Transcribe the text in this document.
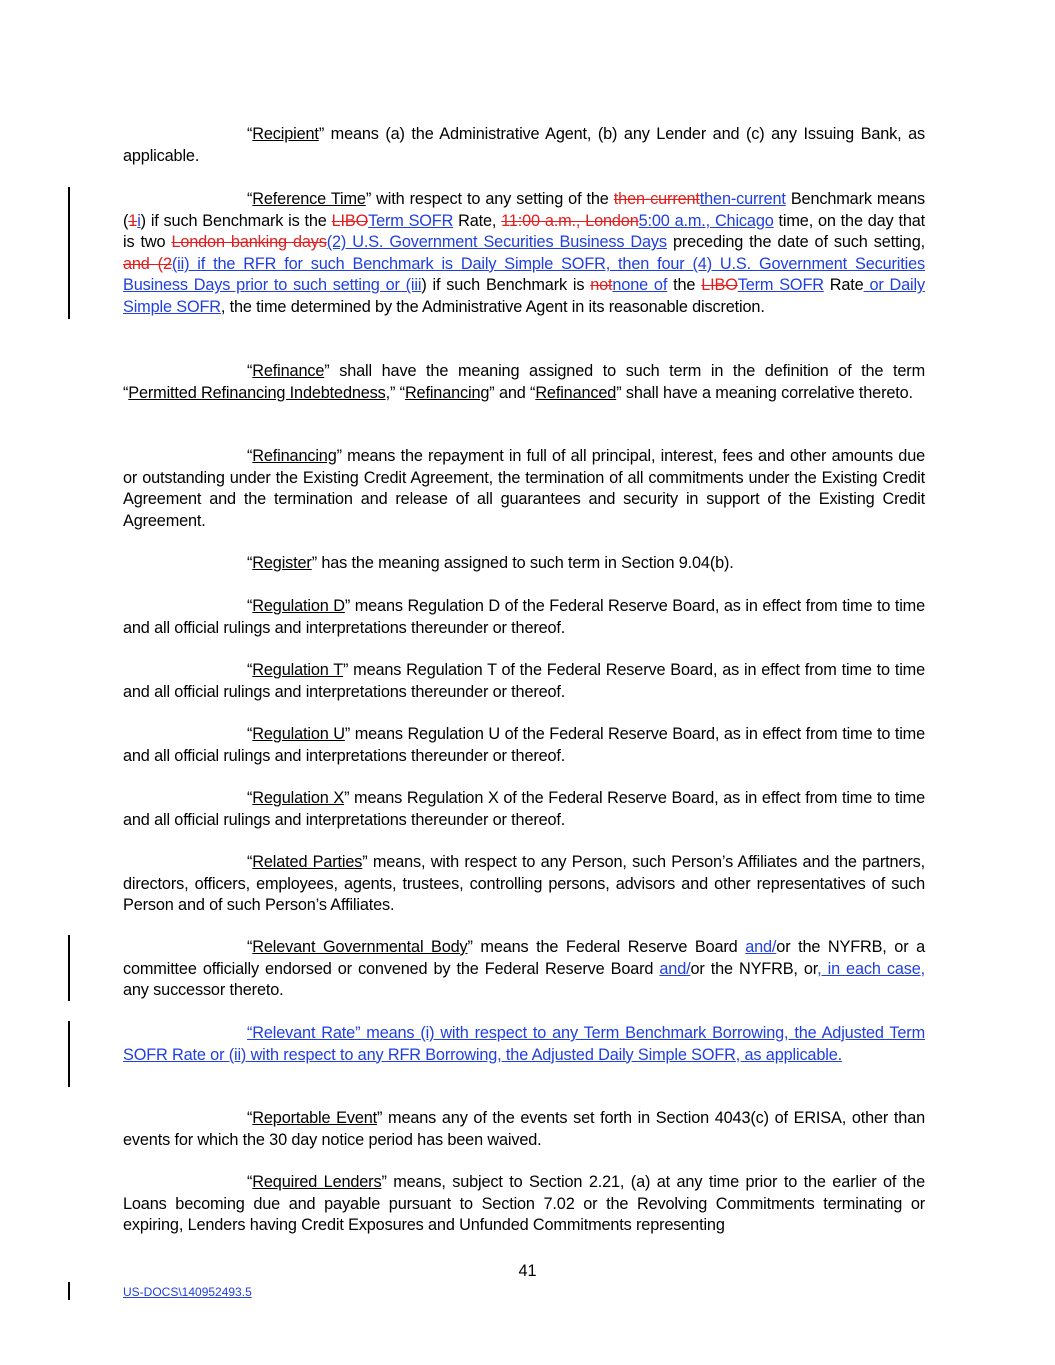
“Recipient” means (a) the Administrative Agent, (b) any Lender and (c) any Issuing Bank, as applicable.

“Reference Time” with respect to any setting of the then-currentthen-current Benchmark means (1i) if such Benchmark is the LIBOTerm SOFR Rate, 11:00 a.m., London5:00 a.m., Chicago time, on the day that is two London banking days(2) U.S. Government Securities Business Days preceding the date of such setting, and (2(ii) if the RFR for such Benchmark is Daily Simple SOFR, then four (4) U.S. Government Securities Business Days prior to such setting or (iii) if such Benchmark is notnone of the LIBOTerm SOFR Rate or Daily Simple SOFR, the time determined by the Administrative Agent in its reasonable discretion.

“Refinance” shall have the meaning assigned to such term in the definition of the term “Permitted Refinancing Indebtedness,” “Refinancing” and “Refinanced” shall have a meaning correlative thereto.

“Refinancing” means the repayment in full of all principal, interest, fees and other amounts due or outstanding under the Existing Credit Agreement, the termination of all commitments under the Existing Credit Agreement and the termination and release of all guarantees and security in support of the Existing Credit Agreement.

“Register” has the meaning assigned to such term in Section 9.04(b).

“Regulation D” means Regulation D of the Federal Reserve Board, as in effect from time to time and all official rulings and interpretations thereunder or thereof.

“Regulation T” means Regulation T of the Federal Reserve Board, as in effect from time to time and all official rulings and interpretations thereunder or thereof.

“Regulation U” means Regulation U of the Federal Reserve Board, as in effect from time to time and all official rulings and interpretations thereunder or thereof.

“Regulation X” means Regulation X of the Federal Reserve Board, as in effect from time to time and all official rulings and interpretations thereunder or thereof.

“Related Parties” means, with respect to any Person, such Person’s Affiliates and the partners, directors, officers, employees, agents, trustees, controlling persons, advisors and other representatives of such Person and of such Person’s Affiliates.

“Relevant Governmental Body” means the Federal Reserve Board and/or the NYFRB, or a committee officially endorsed or convened by the Federal Reserve Board and/or the NYFRB, or, in each case, any successor thereto.

“Relevant Rate” means (i) with respect to any Term Benchmark Borrowing, the Adjusted Term SOFR Rate or (ii) with respect to any RFR Borrowing, the Adjusted Daily Simple SOFR, as applicable.

“Reportable Event” means any of the events set forth in Section 4043(c) of ERISA, other than events for which the 30 day notice period has been waived.

“Required Lenders” means, subject to Section 2.21, (a) at any time prior to the earlier of the Loans becoming due and payable pursuant to Section 7.02 or the Revolving Commitments terminating or expiring, Lenders having Credit Exposures and Unfunded Commitments representing

41
US-DOCS\140952493.5
